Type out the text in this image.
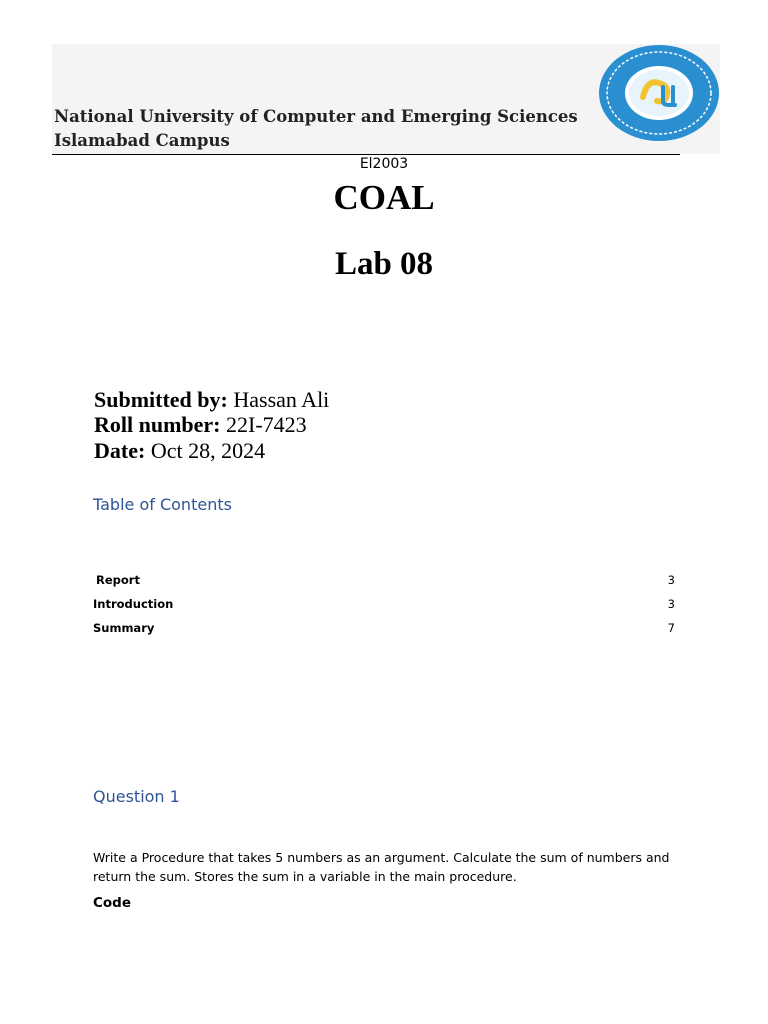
National University of Computer and Emerging Sciences
Islamabad Campus
El2003
COAL
Lab 08
Submitted by: Hassan Ali
Roll number: 22I-7423
Date: Oct 28, 2024
Table of Contents
Report	3
Introduction	3
Summary	7
Question 1
Write a Procedure that takes 5 numbers as an argument. Calculate the sum of numbers and return the sum. Stores the sum in a variable in the main procedure.
Code
